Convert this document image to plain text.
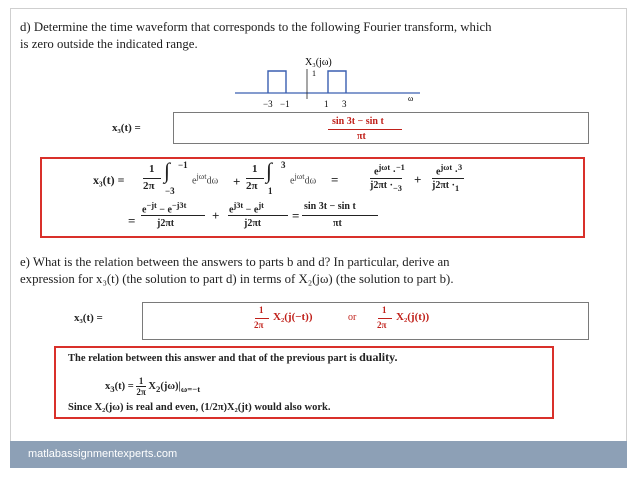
d) Determine the time waveform that corresponds to the following Fourier transform, which
is zero outside the indicated range.
X₃(jω)
1
−3 −1	1 3
ω
x₃(t) =
sin 3t − sin t
πt
x₃(t) =
1
2π
∫ −1
−3
$e^{j\omega t}d\omega$ +
1
2π
∫ 3
1
$e^{j\omega t}d\omega$ =
$e^{j\omega t} \cdot^{-1}$
$j2\pi t \cdot_{-3}$
+
$e^{j\omega t} \cdot^3$
$j2\pi t \cdot_1$
=
$e^{-jt} - e^{-j3t}$
j2πt
+ $e^{j3t} - e^{jt}$
j2πt
=
sin 3t − sin t
πt
e) What is the relation between the answers to parts b and d? In particular, derive an
expression for x₃(t) (the solution to part d) in terms of X₂(jω) (the solution to part b).
x₃(t) =
1
2π
X₂(j(−t))	or
1
2π
X₂(j(t))
The relation between this answer and that of the previous part is duality.
$x_3(t) = \frac{1}{2\pi} X_2(j\omega)|_{\omega=-t}$
Since X₂(jω) is real and even, (1/2π)X₂(jt) would also work.
matlabassignmentexperts.com
